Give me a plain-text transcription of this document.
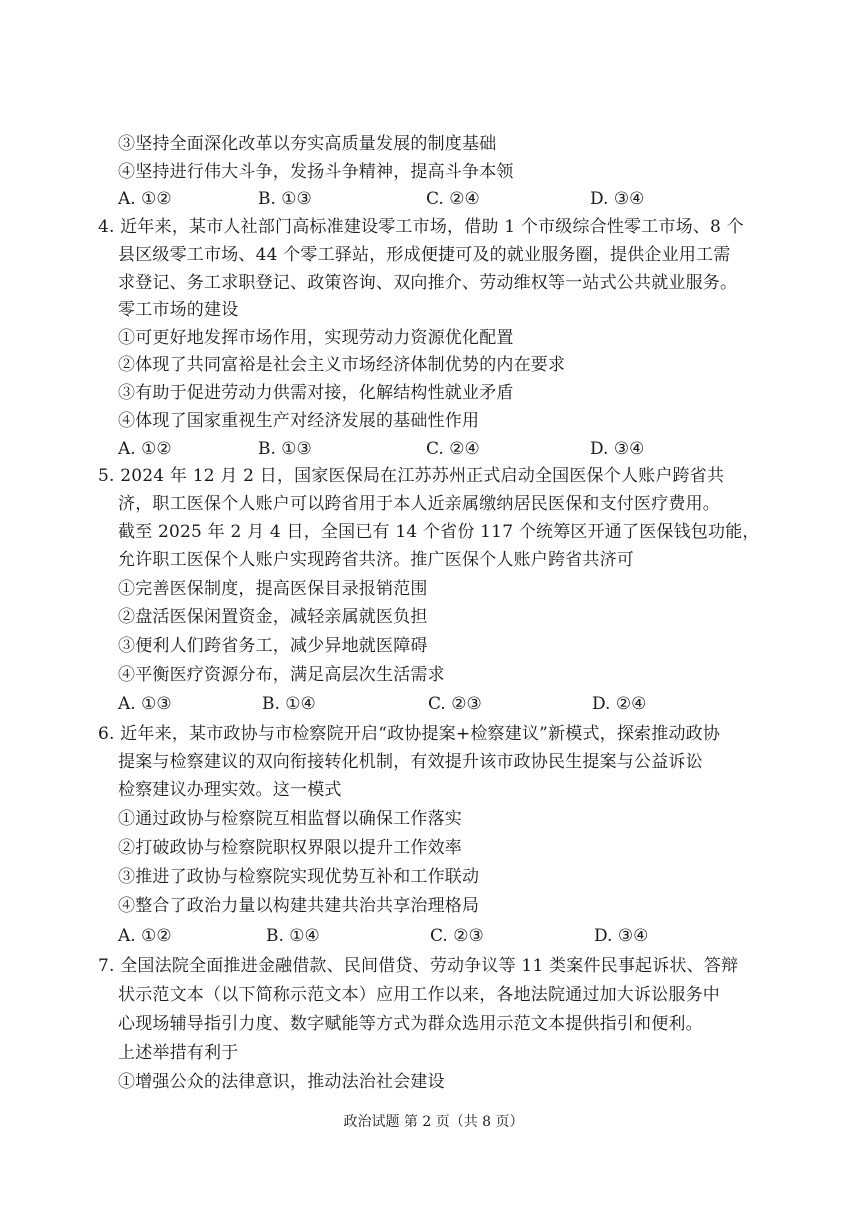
③坚持全面深化改革以夯实高质量发展的制度基础
④坚持进行伟大斗争，发扬斗争精神，提高斗争本领
A. ①②	B. ①③	C. ②④	D. ③④
4. 近年来，某市人社部门高标准建设零工市场，借助 1 个市级综合性零工市场、8 个
县区级零工市场、44 个零工驿站，形成便捷可及的就业服务圈，提供企业用工需
求登记、务工求职登记、政策咨询、双向推介、劳动维权等一站式公共就业服务。
零工市场的建设
①可更好地发挥市场作用，实现劳动力资源优化配置
②体现了共同富裕是社会主义市场经济体制优势的内在要求
③有助于促进劳动力供需对接，化解结构性就业矛盾
④体现了国家重视生产对经济发展的基础性作用
A. ①②	B. ①③	C. ②④	D. ③④
5. 2024 年 12 月 2 日，国家医保局在江苏苏州正式启动全国医保个人账户跨省共
济，职工医保个人账户可以跨省用于本人近亲属缴纳居民医保和支付医疗费用。
截至 2025 年 2 月 4 日，全国已有 14 个省份 117 个统筹区开通了医保钱包功能，
允许职工医保个人账户实现跨省共济。推广医保个人账户跨省共济可
①完善医保制度，提高医保目录报销范围
②盘活医保闲置资金，减轻亲属就医负担
③便利人们跨省务工，减少异地就医障碍
④平衡医疗资源分布，满足高层次生活需求
A. ①③	B. ①④	C. ②③	D. ②④
6. 近年来，某市政协与市检察院开启“政协提案+检察建议”新模式，探索推动政协
提案与检察建议的双向衔接转化机制，有效提升该市政协民生提案与公益诉讼
检察建议办理实效。这一模式
①通过政协与检察院互相监督以确保工作落实
②打破政协与检察院职权界限以提升工作效率
③推进了政协与检察院实现优势互补和工作联动
④整合了政治力量以构建共建共治共享治理格局
A. ①②	B. ①④	C. ②③	D. ③④
7. 全国法院全面推进金融借款、民间借贷、劳动争议等 11 类案件民事起诉状、答辩
状示范文本（以下简称示范文本）应用工作以来，各地法院通过加大诉讼服务中
心现场辅导指引力度、数字赋能等方式为群众选用示范文本提供指引和便利。
上述举措有利于
①增强公众的法律意识，推动法治社会建设
政治试题 第 2 页（共 8 页）
